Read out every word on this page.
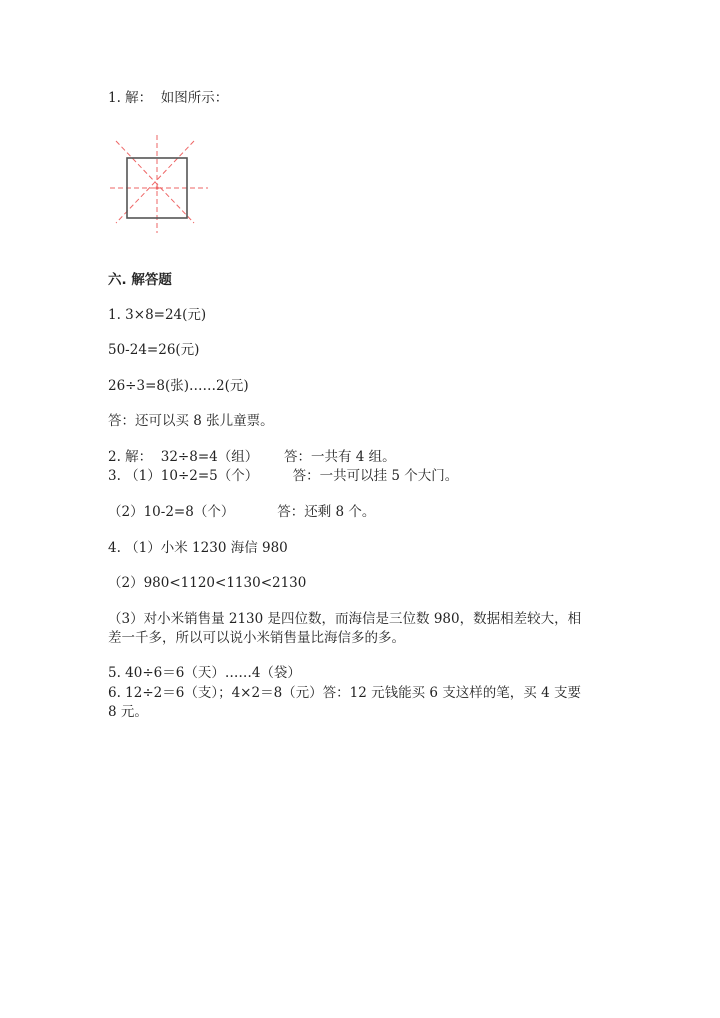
1. 解：  如图所示：
六. 解答题
1. 3×8=24(元)
50-24=26(元)
26÷3=8(张)……2(元)
答：还可以买 8 张儿童票。
2. 解：  32÷8=4（组）      答：一共有 4 组。
3. （1）10÷2=5（个）        答：一共可以挂 5 个大门。
（2）10-2=8（个）          答：还剩 8 个。
4. （1）小米 1230 海信 980
（2）980<1120<1130<2130
（3）对小米销售量 2130 是四位数，而海信是三位数 980，数据相差较大，相
差一千多，所以可以说小米销售量比海信多的多。
5. 40÷6＝6（天）……4（袋）
6. 12÷2＝6（支）；4×2＝8（元）答：12 元钱能买 6 支这样的笔，买 4 支要
8 元。
